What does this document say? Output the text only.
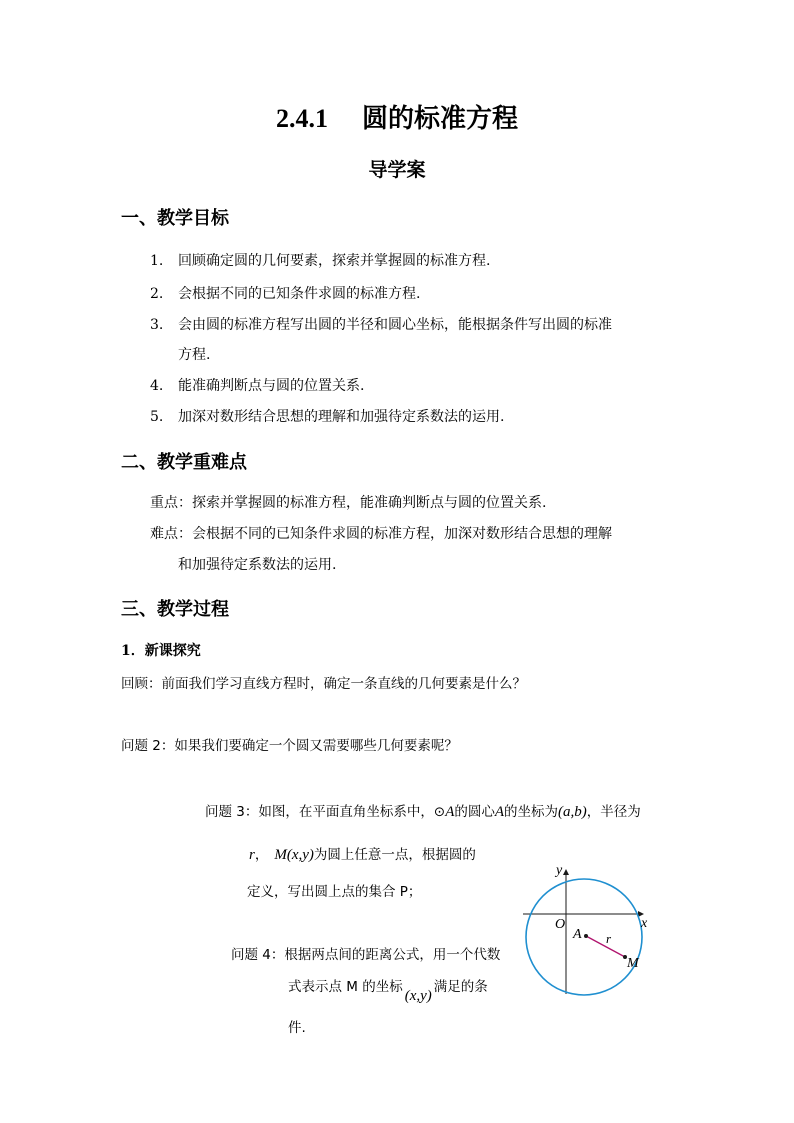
2.4.1 圆的标准方程
导学案
一、教学目标
1. 回顾确定圆的几何要素，探索并掌握圆的标准方程.
2. 会根据不同的已知条件求圆的标准方程.
3. 会由圆的标准方程写出圆的半径和圆心坐标，能根据条件写出圆的标准
方程.
4. 能准确判断点与圆的位置关系.
5. 加深对数形结合思想的理解和加强待定系数法的运用.
二、教学重难点
重点：探索并掌握圆的标准方程，能准确判断点与圆的位置关系.
难点：会根据不同的已知条件求圆的标准方程，加深对数形结合思想的理解
和加强待定系数法的运用.
三、教学过程
1．新课探究
回顾：前面我们学习直线方程时，确定一条直线的几何要素是什么？
问题 2：如果我们要确定一个圆又需要哪些几何要素呢？
问题 3：如图，在平面直角坐标系中，⊙A的圆心A的坐标为(a,b)，半径为
r， M(x,y)为圆上任意一点，根据圆的
定义，写出圆上点的集合 P；
问题 4：根据两点间的距离公式，用一个代数
式表示点 M 的坐标(x,y)满足的条
件.
y
x
O
A r
M
